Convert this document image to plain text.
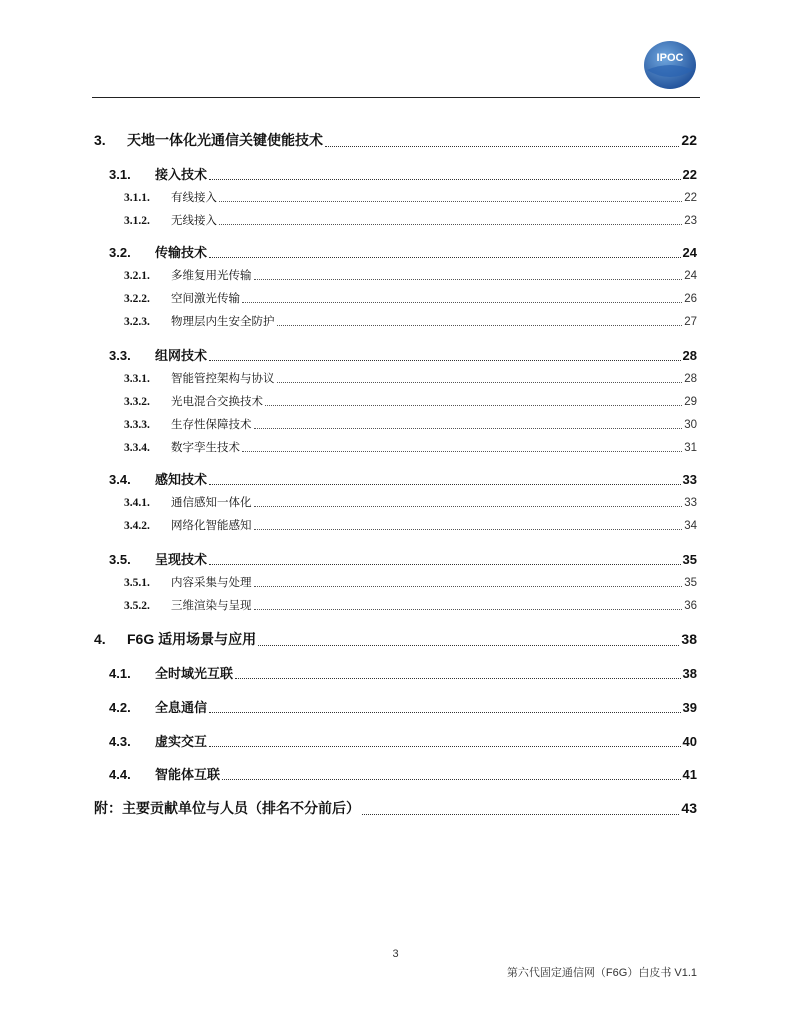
IPOC
3.	天地一体化光通信关键使能技术	22
3.1.	接入技术	22
3.1.1.	有线接入	22
3.1.2.	无线接入	23
3.2.	传输技术	24
3.2.1.	多维复用光传输	24
3.2.2.	空间激光传输	26
3.2.3.	物理层内生安全防护	27
3.3.	组网技术	28
3.3.1.	智能管控架构与协议	28
3.3.2.	光电混合交换技术	29
3.3.3.	生存性保障技术	30
3.3.4.	数字孪生技术	31
3.4.	感知技术	33
3.4.1.	通信感知一体化	33
3.4.2.	网络化智能感知	34
3.5.	呈现技术	35
3.5.1.	内容采集与处理	35
3.5.2.	三维渲染与呈现	36
4.	F6G 适用场景与应用	38
4.1.	全时域光互联	38
4.2.	全息通信	39
4.3.	虚实交互	40
4.4.	智能体互联	41
附：主要贡献单位与人员（排名不分前后）	43
3
第六代固定通信网（F6G）白皮书 V1.1
